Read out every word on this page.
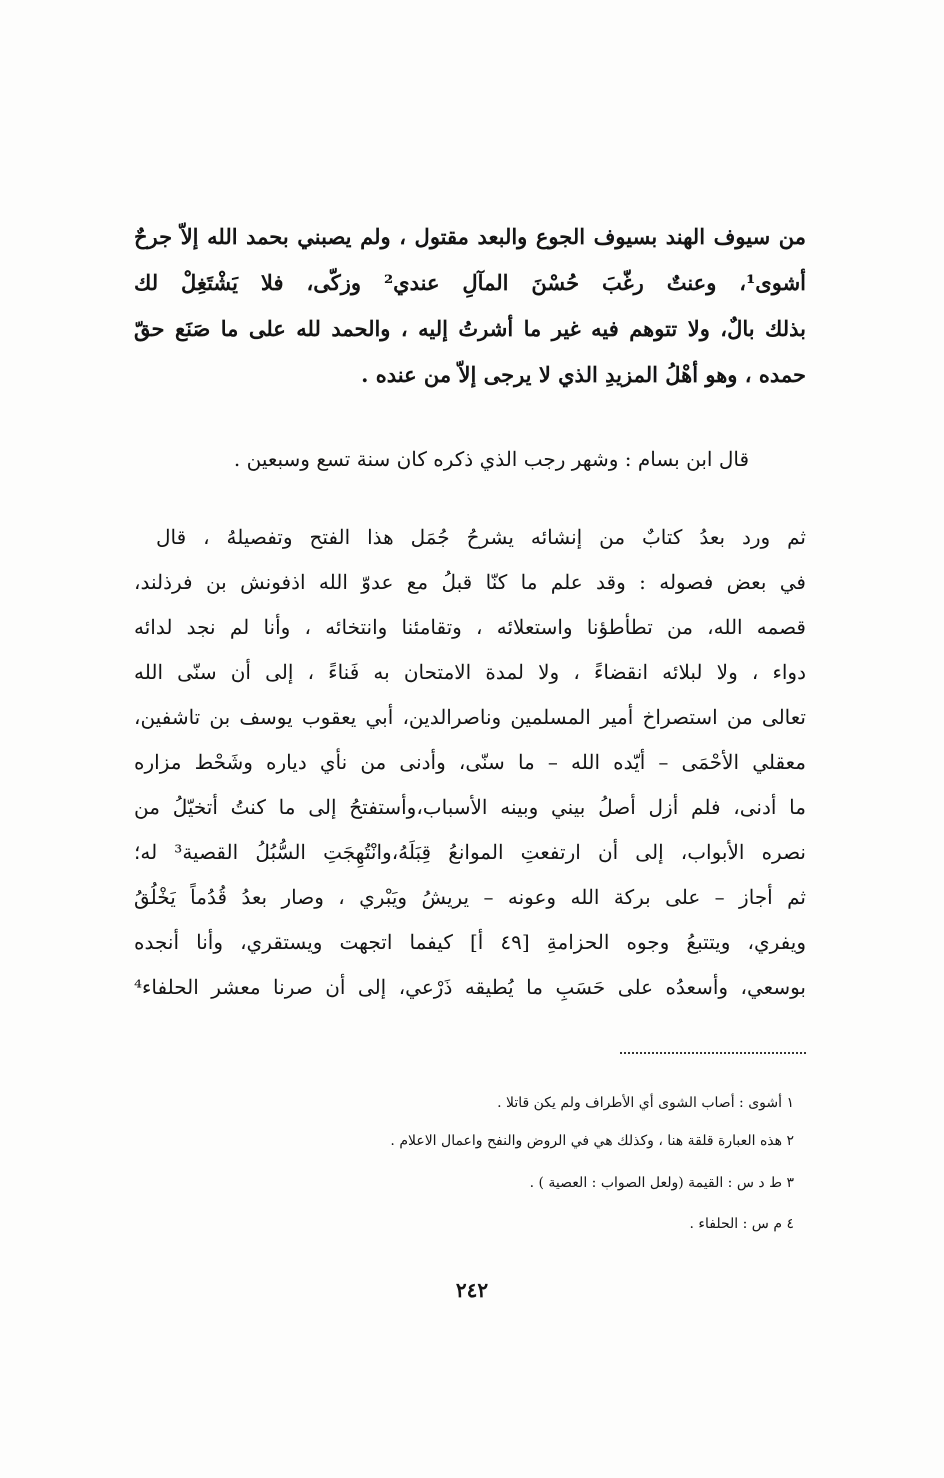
من سيوف الهند بسيوف الجوع والبعد مقتول ، ولم يصبني بحمد الله إلاّ جرحٌ
أشوى¹، وعنتٌ رغّبَ حُسْنَ المآلِ عندي² وزكّى، فلا يَشْتَغِلْ لك
بذلك بالٌ، ولا تتوهم فيه غير ما أشرتُ إليه ، والحمد لله على ما صَنَع حقّ
حمده ، وهو أهْلُ المزيدِ الذي لا يرجى إلاّ من عنده .
قال ابن بسام : وشهر رجب الذي ذكره كان سنة تسع وسبعين .
ثم ورد بعدُ كتابٌ من إنشائه يشرحُ جُمَل هذا الفتح وتفصيلهُ ، قال
في بعض فصوله : وقد علم ما كنّا قبلُ مع عدوّ الله اذفونش بن فرذلند،
قصمه الله، من تطأطؤنا واستعلائه ، وتقامئنا وانتخائه ، وأنا لم نجد لدائه
دواء ، ولا لبلائه انقضاءً ، ولا لمدة الامتحان به فَناءً ، إلى أن سنّى الله
تعالى من استصراخ أمير المسلمين وناصرالدين، أبي يعقوب يوسف بن تاشفين،
معقلي الأحْمَى – أيّده الله – ما سنّى، وأدنى من نأي دياره وشَحْط مزاره
ما أدنى، فلم أزل أصلُ بيني وبينه الأسباب،وأستفتحُ إلى ما كنتُ أتخيّلُ من
نصره الأبواب، إلى أن ارتفعتِ الموانعُ قِبَلَهُ،وانْتُهِجَتِ السُّبُلُ القصية³ له؛
ثم أجاز – على بركة الله وعونه – يريشُ ويَبْري ، وصار بعدُ قُدُماً يَخْلُقُ
ويفري، ويتتبعُ وجوه الحزامةِ [٤٩ أ] كيفما اتجهت ويستقري، وأنا أنجده
بوسعي، وأسعدُه على حَسَبِ ما يُطيقه ذَرْعي، إلى أن صرنا معشر الحلفاء⁴
١ أشوى : أصاب الشوى أي الأطراف ولم يكن قاتلا .
٢ هذه العبارة قلقة هنا ، وكذلك هي في الروض والنفح واعمال الاعلام .
٣ ط د س : القيمة (ولعل الصواب : العصية ) .
٤ م س : الحلفاء .
٢٤٢
